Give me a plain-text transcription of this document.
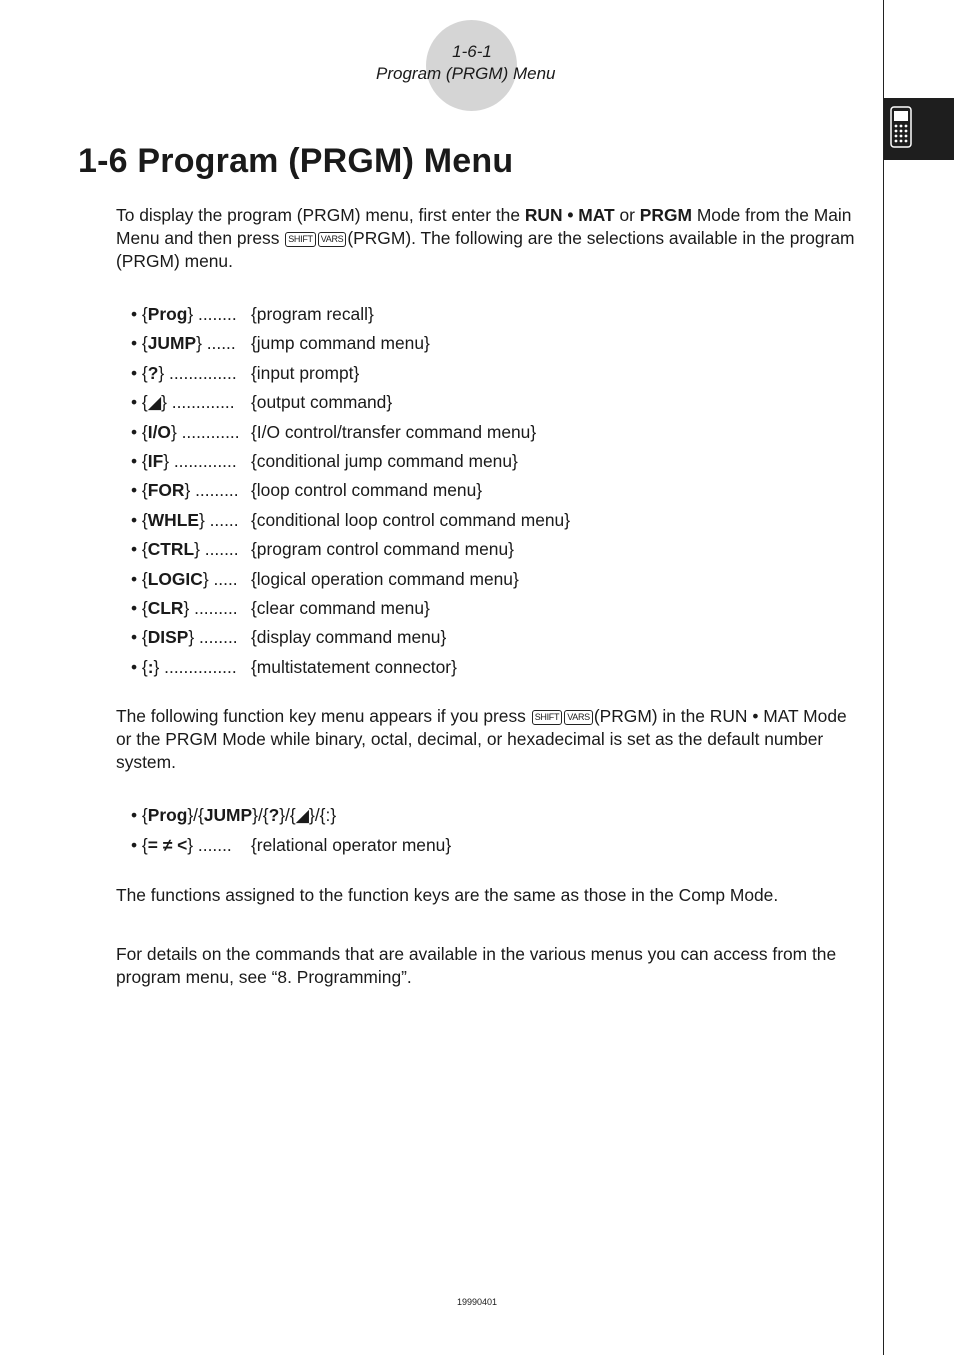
1-6-1
Program (PRGM) Menu
1-6 Program (PRGM) Menu

To display the program (PRGM) menu, first enter the RUN • MAT or PRGM Mode from the Main Menu and then press SHIFT VARS (PRGM). The following are the selections available in the program (PRGM) menu.

• {Prog} ........ {program recall}
• {JUMP} ...... {jump command menu}
• {?} .............. {input prompt}
• {◢} ............. {output command}
• {I/O} ............ {I/O control/transfer command menu}
• {IF} ............. {conditional jump command menu}
• {FOR} ......... {loop control command menu}
• {WHLE} ...... {conditional loop control command menu}
• {CTRL} ....... {program control command menu}
• {LOGIC} ..... {logical operation command menu}
• {CLR} ......... {clear command menu}
• {DISP} ........ {display command menu}
• {:} ............... {multistatement connector}

The following function key menu appears if you press SHIFT VARS (PRGM) in the RUN • MAT Mode or the PRGM Mode while binary, octal, decimal, or hexadecimal is set as the default number system.

• {Prog}/{JUMP}/{?}/{◢}/{:}
• {= ≠ <} ....... {relational operator menu}

The functions assigned to the function keys are the same as those in the Comp Mode.

For details on the commands that are available in the various menus you can access from the program menu, see “8. Programming”.

19990401
